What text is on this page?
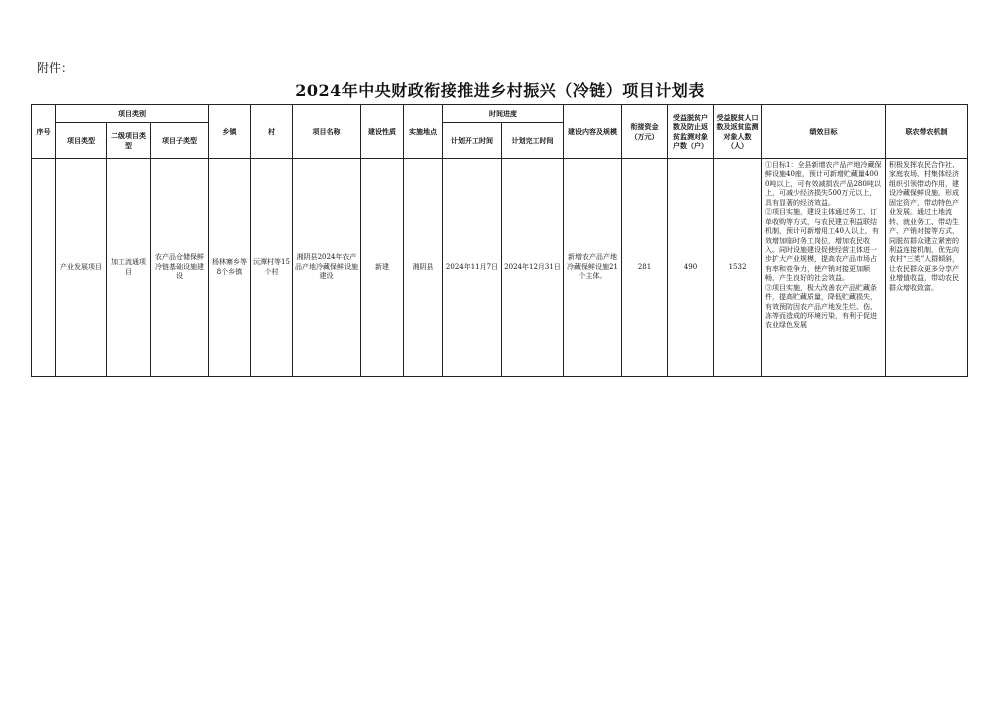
附件：
2024年中央财政衔接推进乡村振兴（冷链）项目计划表
序号	项目类别			乡镇	村	项目名称	建设性质	实施地点	时间进度		建设内容及规模	衔接资金（万元）	受益脱贫户数及防止返贫监测对象户数（户）	受益脱贫人口数及返贫监测对象人数（人）	绩效目标	联农带农机制
	项目类型	二级项目类型	项目子类型						计划开工时间	计划完工时间						
	产业发展项目	加工流通项目	农产品仓储保鲜冷链基础设施建设	杨林寨乡等8个乡镇	沅潭村等15个村	湘阴县2024年农产品产地冷藏保鲜设施建设	新建	湘阴县	2024年11月7日	2024年12月31日	新增农产品产地冷藏保鲜设施21个主体。	281	490	1532	①目标1：全县新增农产品产地冷藏保鲜设施40座，预计可新增贮藏量4000吨以上，可有效减损农产品280吨以上，可减少经济损失500万元以上，具有显著的经济效益。
②项目实施，建设主体通过务工、订单收购等方式，与农民建立利益联结机制，预计可新增用工40人以上，有效增加临时务工岗位，增加农民收入。同时设施建设促使经营主体进一步扩大产业规模，提高农产品市场占有率和竞争力，使产销对接更加顺畅，产生良好的社会效益。
③项目实施，极大改善农产品贮藏条件，提高贮藏质量，降低贮藏损失，有效预防因农产品产地发生烂、伤、冻等而造成的环境污染，有利于促进农业绿色发展	积极发挥农民合作社、家庭农场、村集体经济组织引领带动作用，建设冷藏保鲜设施，形成固定资产，带动特色产业发展。通过土地流转、就业务工、带动生产、产销对接等方式，同脱贫群众建立紧密的利益连接机制，优先向农村“三类”人群倾斜，让农民群众更多分享产业增值收益，带动农民群众增收致富。
